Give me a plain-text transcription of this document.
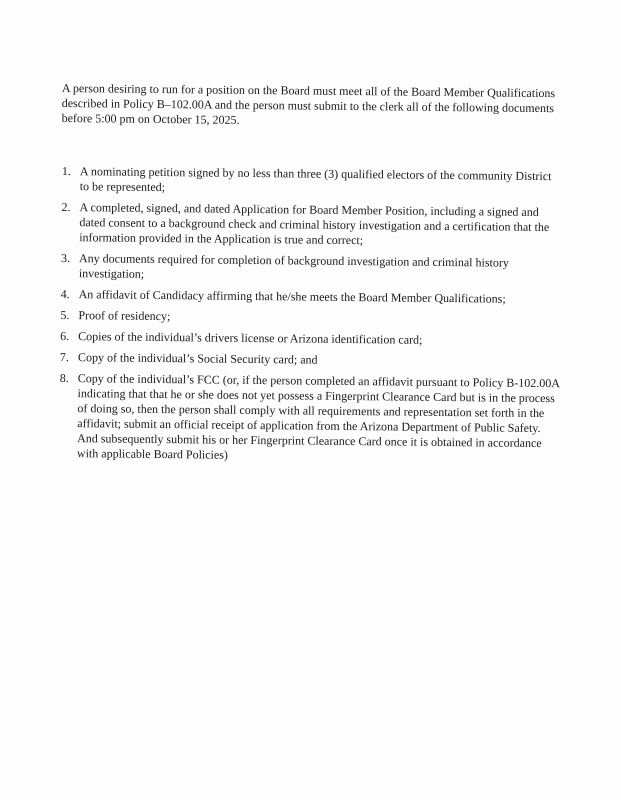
A person desiring to run for a position on the Board must meet all of the Board Member Qualifications described in Policy B–102.00A and the person must submit to the clerk all of the following documents before 5:00 pm on October 15, 2025.

1. A nominating petition signed by no less than three (3) qualified electors of the community District to be represented;
2. A completed, signed, and dated Application for Board Member Position, including a signed and dated consent to a background check and criminal history investigation and a certification that the information provided in the Application is true and correct;
3. Any documents required for completion of background investigation and criminal history investigation;
4. An affidavit of Candidacy affirming that he/she meets the Board Member Qualifications;
5. Proof of residency;
6. Copies of the individual’s drivers license or Arizona identification card;
7. Copy of the individual’s Social Security card; and
8. Copy of the individual’s FCC (or, if the person completed an affidavit pursuant to Policy B-102.00A indicating that that he or she does not yet possess a Fingerprint Clearance Card but is in the process of doing so, then the person shall comply with all requirements and representation set forth in the affidavit; submit an official receipt of application from the Arizona Department of Public Safety. And subsequently submit his or her Fingerprint Clearance Card once it is obtained in accordance with applicable Board Policies)
